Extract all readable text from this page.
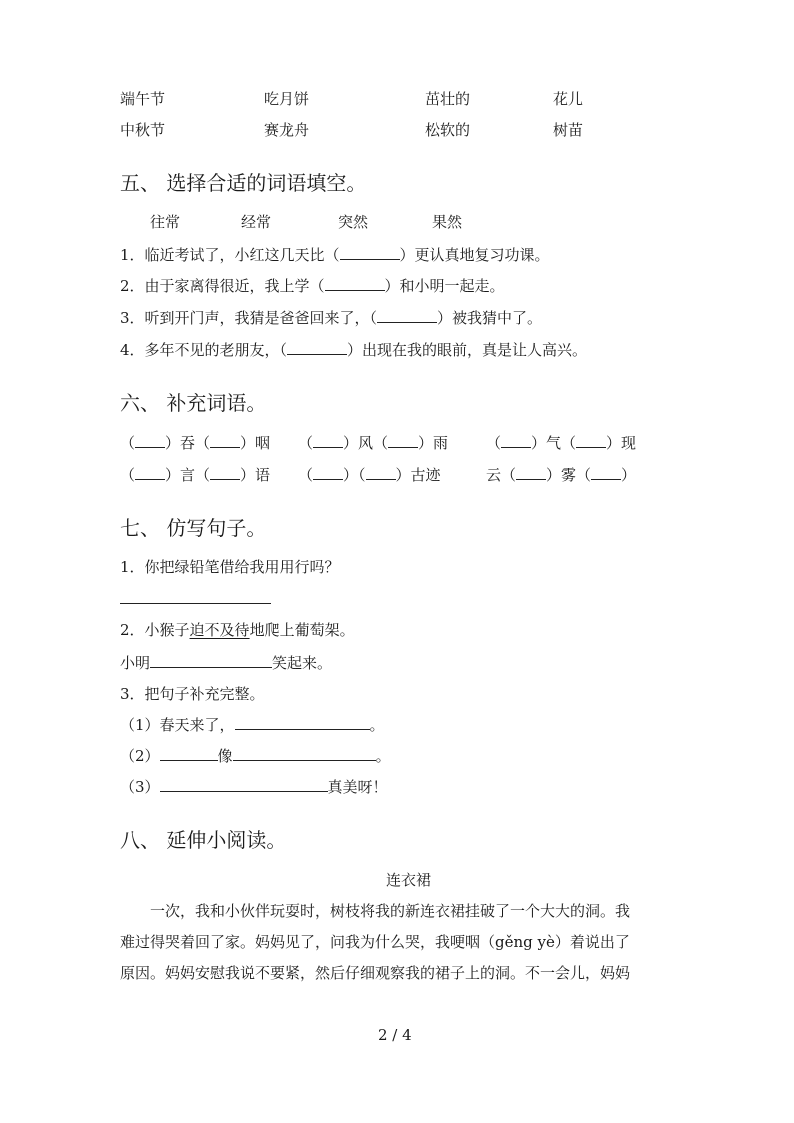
端午节	吃月饼	茁壮的	花儿
中秋节	赛龙舟	松软的	树苗
五、 选择合适的词语填空。
往常	经常	突然	果然
1．临近考试了，小红这几天比（	）更认真地复习功课。
2．由于家离得很近，我上学（	）和小明一起走。
3．听到开门声，我猜是爸爸回来了，（	）被我猜中了。
4．多年不见的老朋友，（	）出现在我的眼前，真是让人高兴。
六、 补充词语。
（ ）吞（ ）咽 （ ）风（ ）雨	（ ）气（ ）现
（ ）言（ ）语 （ ）（ ）古迹	云（ ）雾（ ）
七、 仿写句子。
1．你把绿铅笔借给我用用行吗？
2．小猴子迫不及待地爬上葡萄架。
小明	笑起来。
3．把句子补充完整。
（1）春天来了，	。
（2）	像	。
（3）	真美呀！
八、 延伸小阅读。
连衣裙
一次，我和小伙伴玩耍时，树枝将我的新连衣裙挂破了一个大大的洞。我
难过得哭着回了家。妈妈见了，问我为什么哭，我哽咽（gěng yè）着说出了
原因。妈妈安慰我说不要紧，然后仔细观察我的裙子上的洞。不一会儿，妈妈
2 / 4
